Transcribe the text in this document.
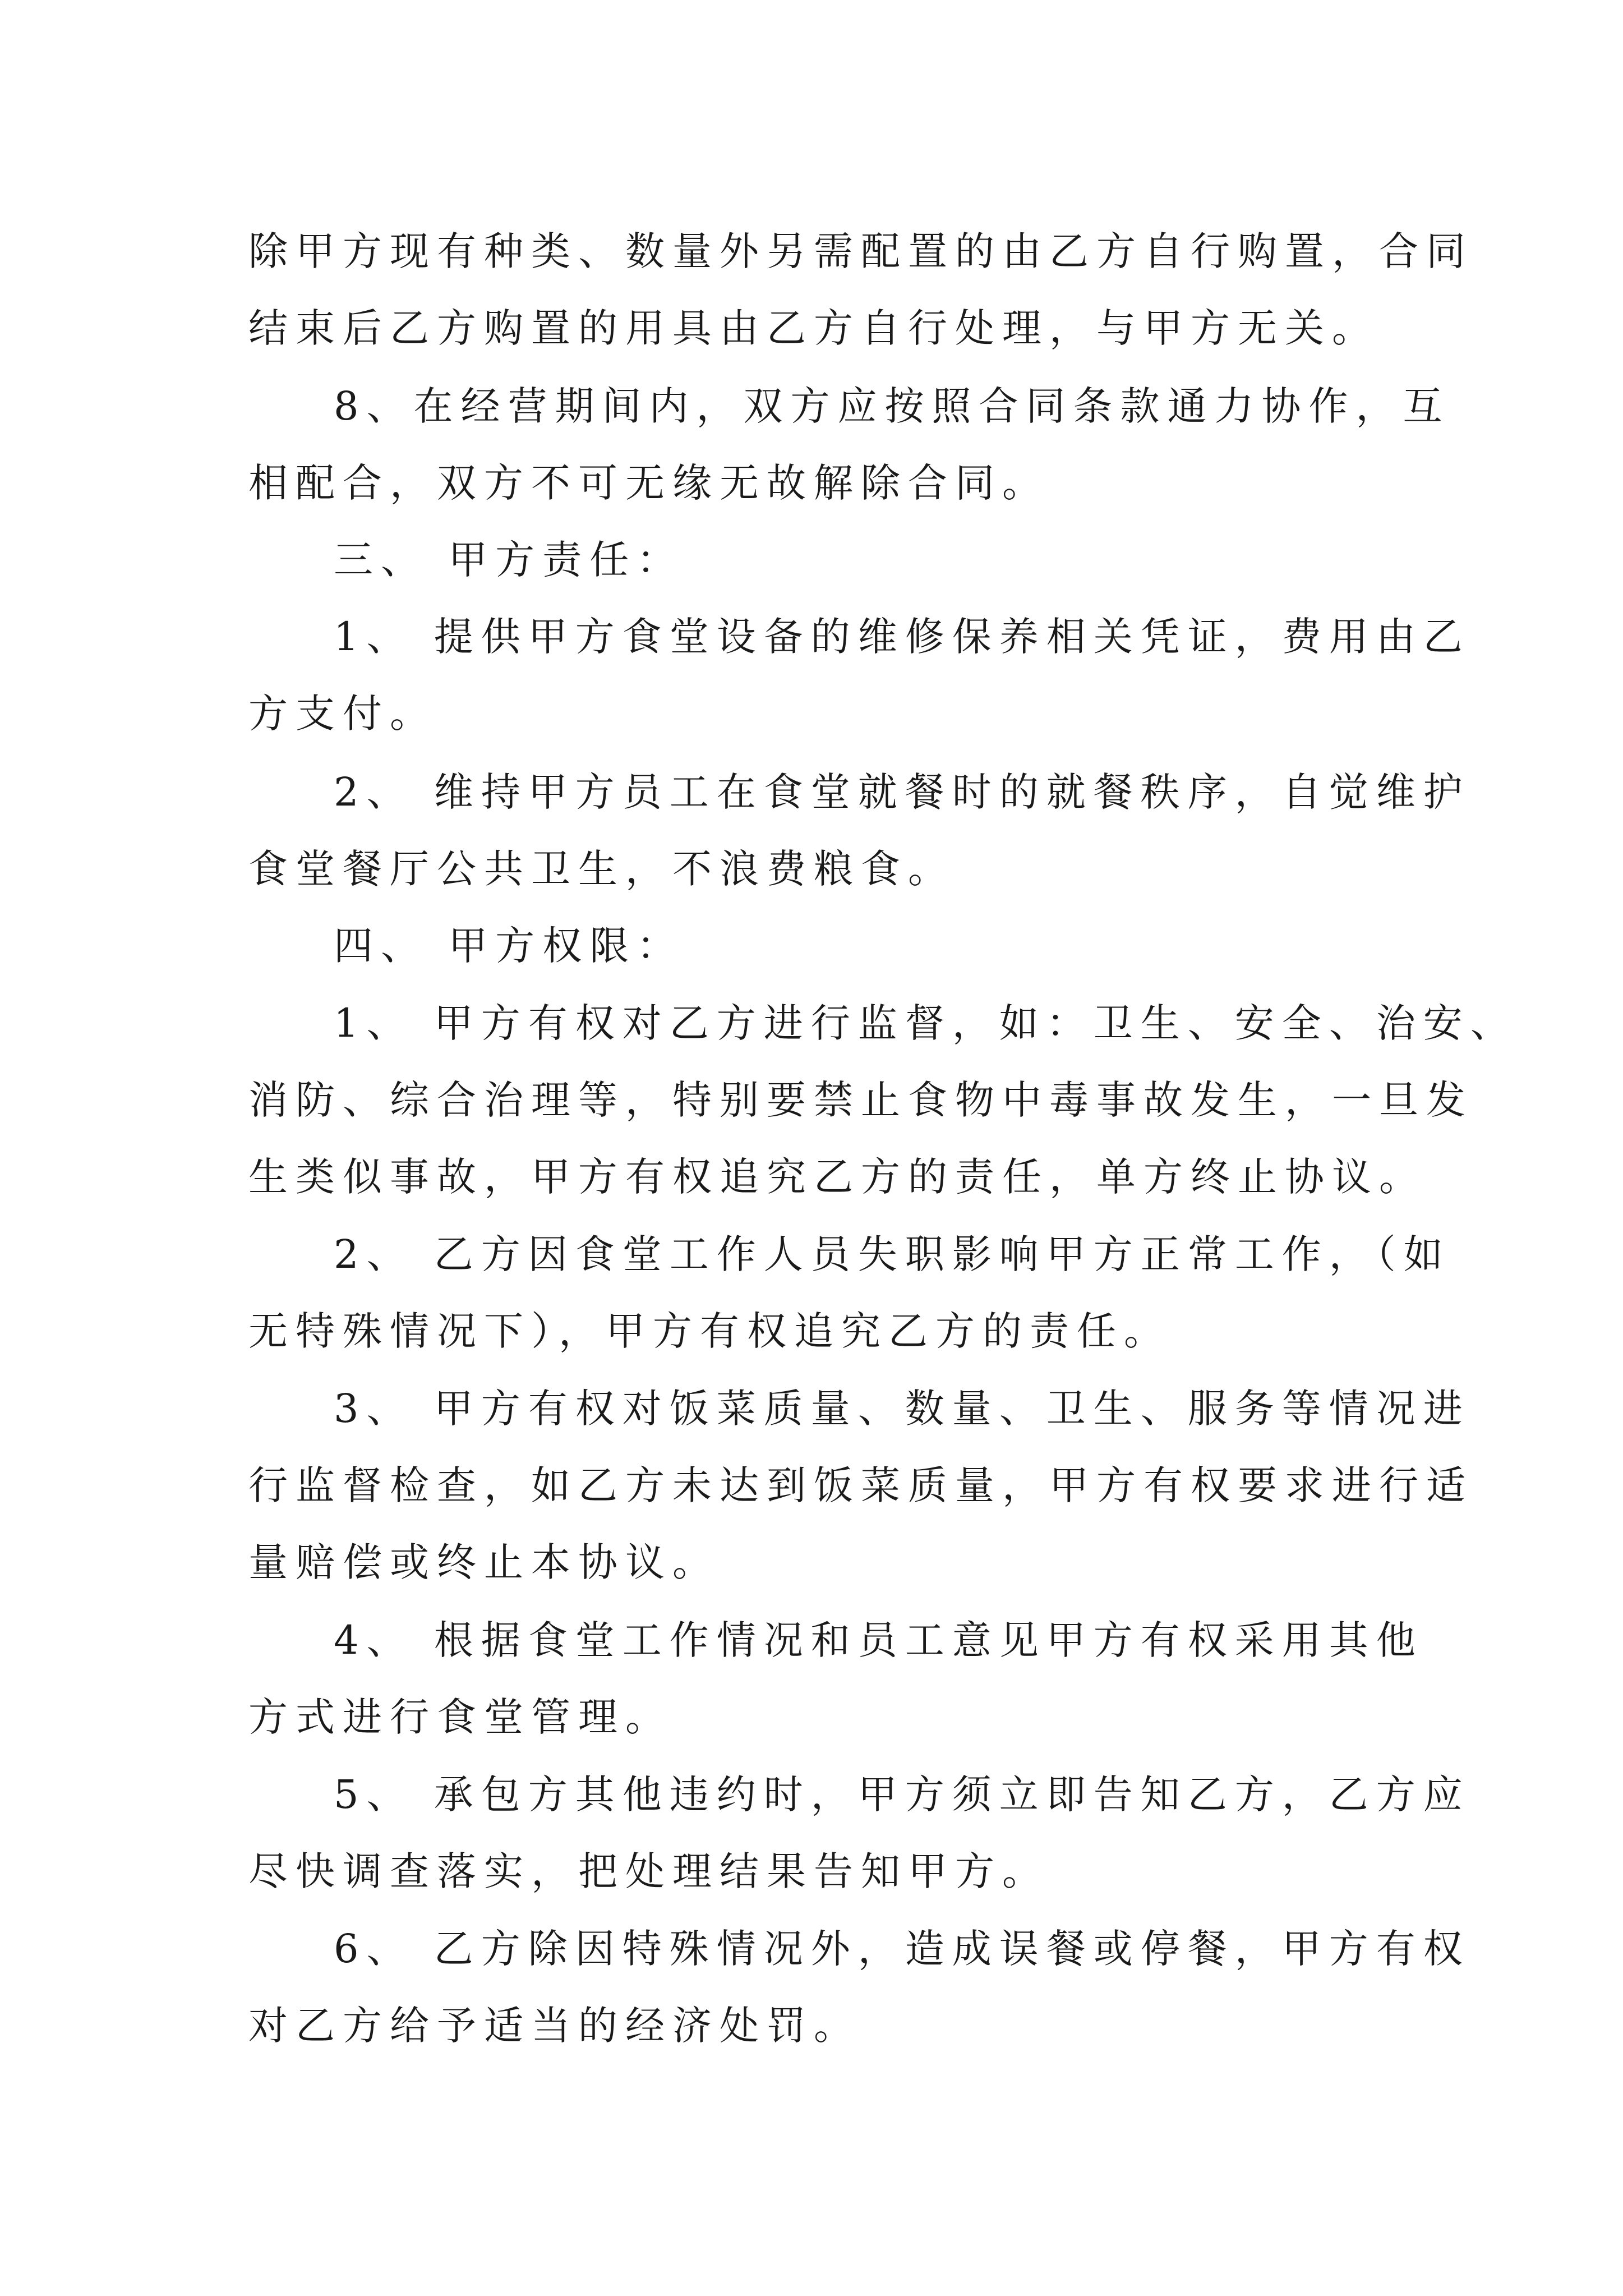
除甲方现有种类、数量外另需配置的由乙方自行购置，合同
结束后乙方购置的用具由乙方自行处理，与甲方无关。
8、在经营期间内，双方应按照合同条款通力协作，互
相配合，双方不可无缘无故解除合同。
三、 甲方责任：
1、 提供甲方食堂设备的维修保养相关凭证，费用由乙
方支付。
2、 维持甲方员工在食堂就餐时的就餐秩序，自觉维护
食堂餐厅公共卫生，不浪费粮食。
四、 甲方权限：
1、 甲方有权对乙方进行监督，如：卫生、安全、治安、
消防、综合治理等，特别要禁止食物中毒事故发生，一旦发
生类似事故，甲方有权追究乙方的责任，单方终止协议。
2、 乙方因食堂工作人员失职影响甲方正常工作，（如
无特殊情况下），甲方有权追究乙方的责任。
3、 甲方有权对饭菜质量、数量、卫生、服务等情况进
行监督检查，如乙方未达到饭菜质量，甲方有权要求进行适
量赔偿或终止本协议。
4、 根据食堂工作情况和员工意见甲方有权采用其他
方式进行食堂管理。
5、 承包方其他违约时，甲方须立即告知乙方，乙方应
尽快调查落实，把处理结果告知甲方。
6、 乙方除因特殊情况外，造成误餐或停餐，甲方有权
对乙方给予适当的经济处罚。
